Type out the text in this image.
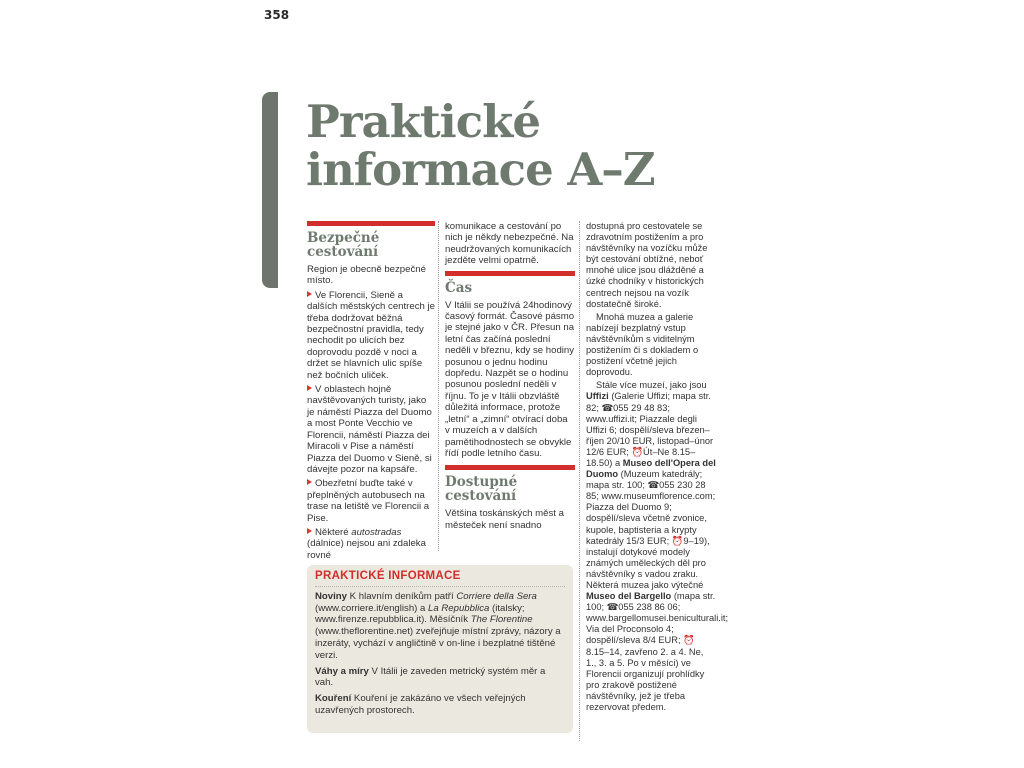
358
Praktické
informace A–Z
Bezpečné
cestování

Region je obecně bezpečné místo.

Ve Florencii, Sieně a dalších městských centrech je třeba dodržovat běžná bezpečnostní pravidla, tedy nechodit po ulicích bez doprovodu pozdě v noci a držet se hlavních ulic spíše než bočních uliček.

V oblastech hojně navštěvovaných turisty, jako je náměstí Piazza del Duomo a most Ponte Vecchio ve Florencii, náměstí Piazza dei Miracoli v Pise a náměstí Piazza del Duomo v Sieně, si dávejte pozor na kapsáře.

Obezřetní buďte také v přeplněných autobusech na trase na letiště ve Florencii a Pise.

Některé autostradas (dálnice) nejsou ani zdaleka rovné

komunikace a cestování po nich je někdy nebezpečné. Na neudržovaných komunikacích jezděte velmi opatrně.

Čas

V Itálii se používá 24hodinový časový formát. Časové pásmo je stejné jako v ČR. Přesun na letní čas začíná poslední neděli v březnu, kdy se hodiny posunou o jednu hodinu dopředu. Nazpět se o hodinu posunou poslední neděli v říjnu. To je v Itálii obzvláště důležitá informace, protože „letní“ a „zimní“ otvírací doba v muzeích a v dalších pamětihodnostech se obvykle řídí podle letního času.

Dostupné
cestování

Většina toskánských měst a městeček není snadno

dostupná pro cestovatele se zdravotním postižením a pro návštěvníky na vozíčku může být cestování obtížné, neboť mnohé ulice jsou dlážděné a úzké chodníky v historických centrech nejsou na vozík dostatečně široké.

Mnohá muzea a galerie nabízejí bezplatný vstup návštěvníkům s viditelným postižením či s dokladem o postižení včetně jejich doprovodu.

Stále více muzeí, jako jsou Uffizi (Galerie Uffizi; mapa str. 82; ☎055 29 48 83; www.uffizi.it; Piazzale degli Uffizi 6; dospělí/sleva březen–říjen 20/10 EUR, listopad–únor 12/6 EUR; ⏰Út–Ne 8.15–18.50) a Museo dell'Opera del Duomo (Muzeum katedrály; mapa str. 100; ☎055 230 28 85; www.museumflorence.com; Piazza del Duomo 9; dospělí/sleva včetně zvonice, kupole, baptisteria a krypty katedrály 15/3 EUR; ⏰9–19), instalují dotykové modely známých uměleckých děl pro návštěvníky s vadou zraku. Některá muzea jako výtečné Museo del Bargello (mapa str. 100; ☎055 238 86 06; www.bargellomusei.beniculturali.it; Via del Proconsolo 4; dospělí/sleva 8/4 EUR; ⏰8.15–14, zavřeno 2. a 4. Ne, 1., 3. a 5. Po v měsíci) ve Florencii organizují prohlídky pro zrakově postižené návštěvníky, jež je třeba rezervovat předem.

PRAKTICKÉ INFORMACE

Noviny K hlavním deníkům patří Corriere della Sera (www.corriere.it/english) a La Repubblica (italsky; www.firenze.repubblica.it). Měsíčník The Florentine (www.theflorentine.net) zveřejňuje místní zprávy, názory a inzeráty, vychází v angličtině v on-line i bezplatné tištěné verzi.

Váhy a míry V Itálii je zaveden metrický systém měr a vah.

Kouření Kouření je zakázáno ve všech veřejných uzavřených prostorech.
